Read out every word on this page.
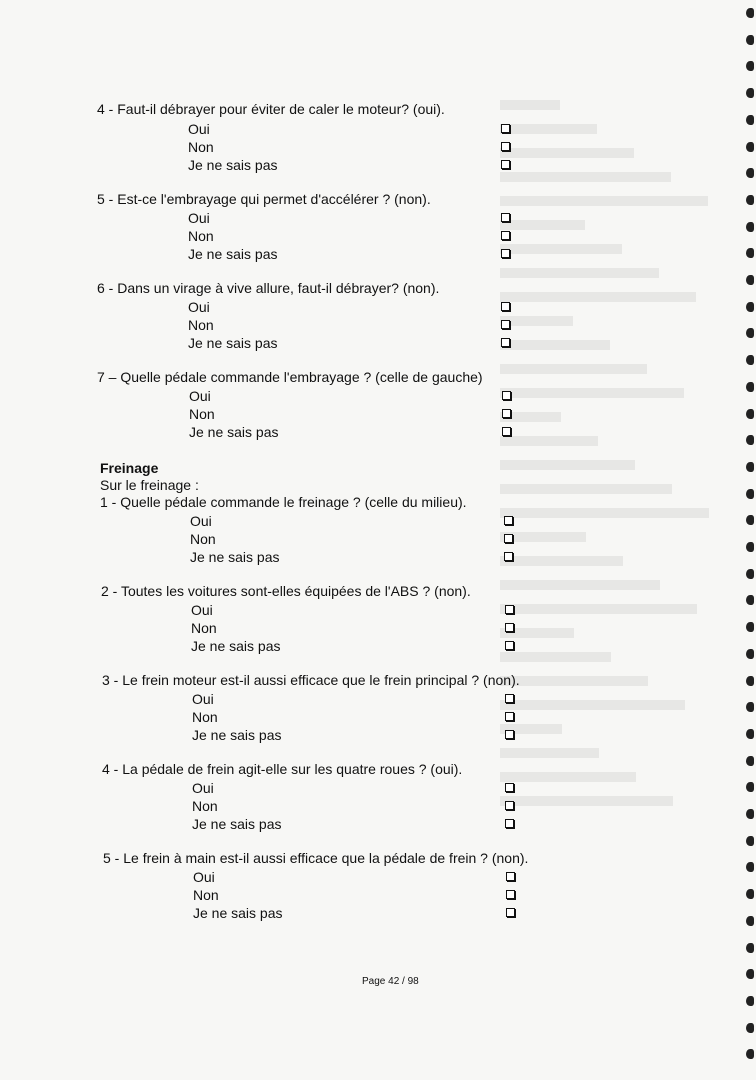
4 - Faut-il débrayer pour éviter de caler le moteur? (oui).
Oui
Non
Je ne sais pas
5 - Est-ce l'embrayage qui permet d'accélérer ? (non).
Oui
Non
Je ne sais pas
6 - Dans un virage à vive allure, faut-il débrayer? (non).
Oui
Non
Je ne sais pas
7 – Quelle pédale commande l'embrayage ? (celle de gauche)
Oui
Non
Je ne sais pas
Freinage
Sur le freinage :
1 - Quelle pédale commande le freinage ? (celle du milieu).
Oui
Non
Je ne sais pas
2 - Toutes les voitures sont-elles équipées de l'ABS ? (non).
Oui
Non
Je ne sais pas
3 - Le frein moteur est-il aussi efficace que le frein principal ? (non).
Oui
Non
Je ne sais pas
4 - La pédale de frein agit-elle sur les quatre roues ? (oui).
Oui
Non
Je ne sais pas
5 - Le frein à main est-il aussi efficace que la pédale de frein ? (non).
Oui
Non
Je ne sais pas
Page 42 / 98
